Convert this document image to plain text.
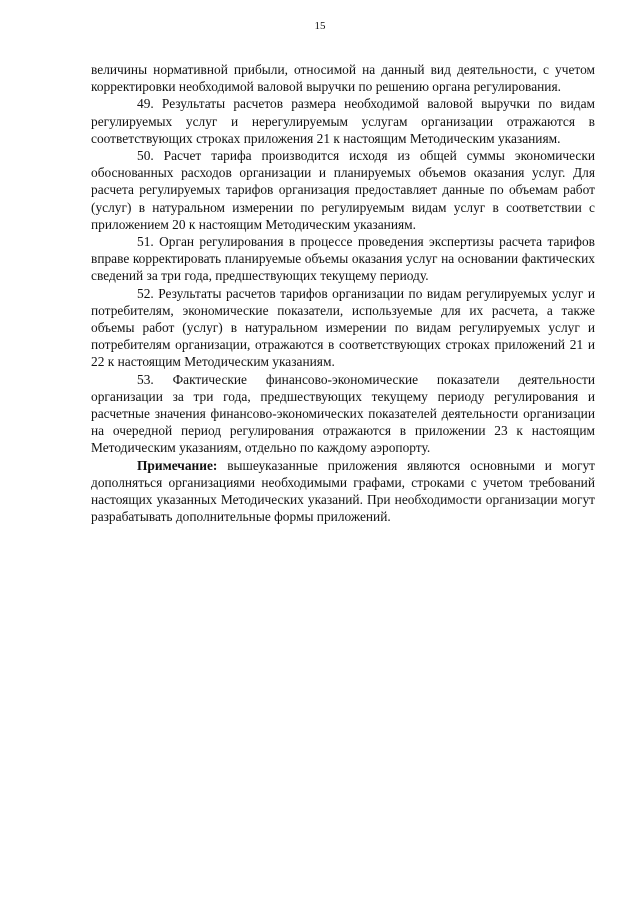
15

величины нормативной прибыли, относимой на данный вид деятельности, с учетом корректировки необходимой валовой выручки по решению органа регулирования.

49. Результаты расчетов размера необходимой валовой выручки по видам регулируемых услуг и нерегулируемым услугам организации отражаются в соответствующих строках приложения 21 к настоящим Методическим указаниям.

50. Расчет тарифа производится исходя из общей суммы экономически обоснованных расходов организации и планируемых объемов оказания услуг. Для расчета регулируемых тарифов организация предоставляет данные по объемам работ (услуг) в натуральном измерении по регулируемым видам услуг в соответствии с приложением 20 к настоящим Методическим указаниям.

51. Орган регулирования в процессе проведения экспертизы расчета тарифов вправе корректировать планируемые объемы оказания услуг на основании фактических сведений за три года, предшествующих текущему периоду.

52. Результаты расчетов тарифов организации по видам регулируемых услуг и потребителям, экономические показатели, используемые для их расчета, а также объемы работ (услуг) в натуральном измерении по видам регулируемых услуг и потребителям организации, отражаются в соответствующих строках приложений 21 и 22 к настоящим Методическим указаниям.

53. Фактические финансово-экономические показатели деятельности организации за три года, предшествующих текущему периоду регулирования и расчетные значения финансово-экономических показателей деятельности организации на очередной период регулирования отражаются в приложении 23 к настоящим Методическим указаниям, отдельно по каждому аэропорту.

Примечание: вышеуказанные приложения являются основными и могут дополняться организациями необходимыми графами, строками с учетом требований настоящих указанных Методических указаний. При необходимости организации могут разрабатывать дополнительные формы приложений.
